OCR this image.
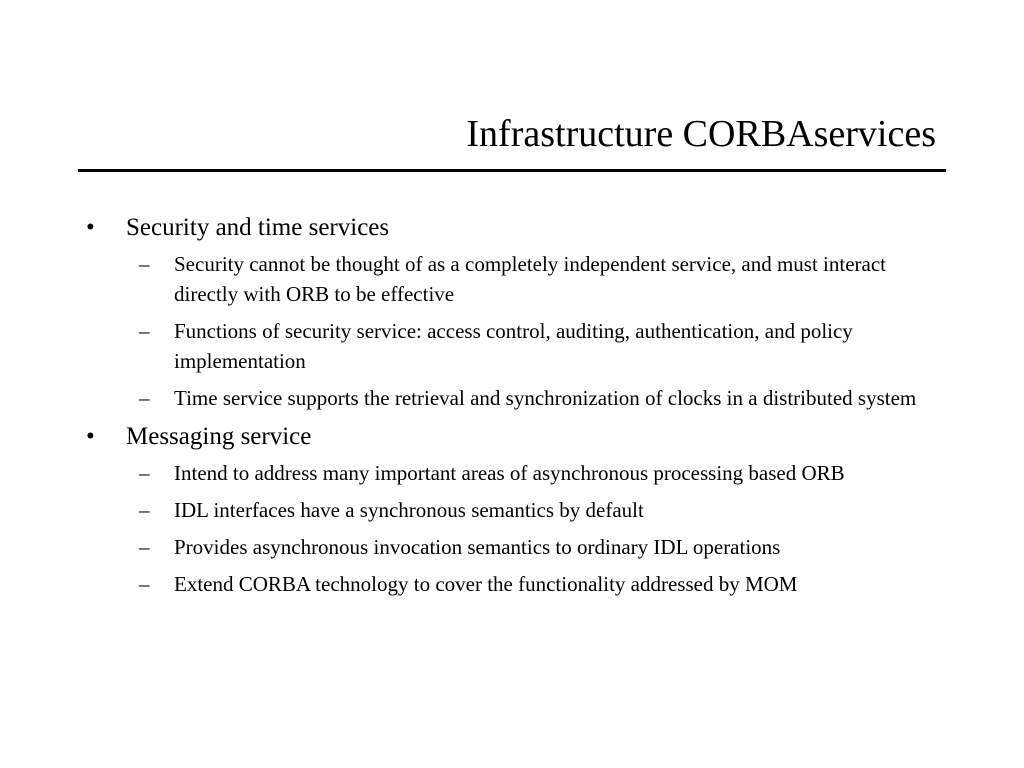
Infrastructure CORBAservices
•	Security and time services
–	Security cannot be thought of as a completely independent service, and must interact directly with ORB to be effective
–	Functions of security service: access control, auditing, authentication, and policy implementation
–	Time service supports the retrieval and synchronization of clocks in a distributed system
•	Messaging service
–	Intend to address many important areas of asynchronous processing based ORB
–	IDL interfaces have a synchronous semantics by default
–	Provides asynchronous invocation semantics to ordinary IDL operations
–	Extend CORBA technology to cover the functionality addressed by MOM
